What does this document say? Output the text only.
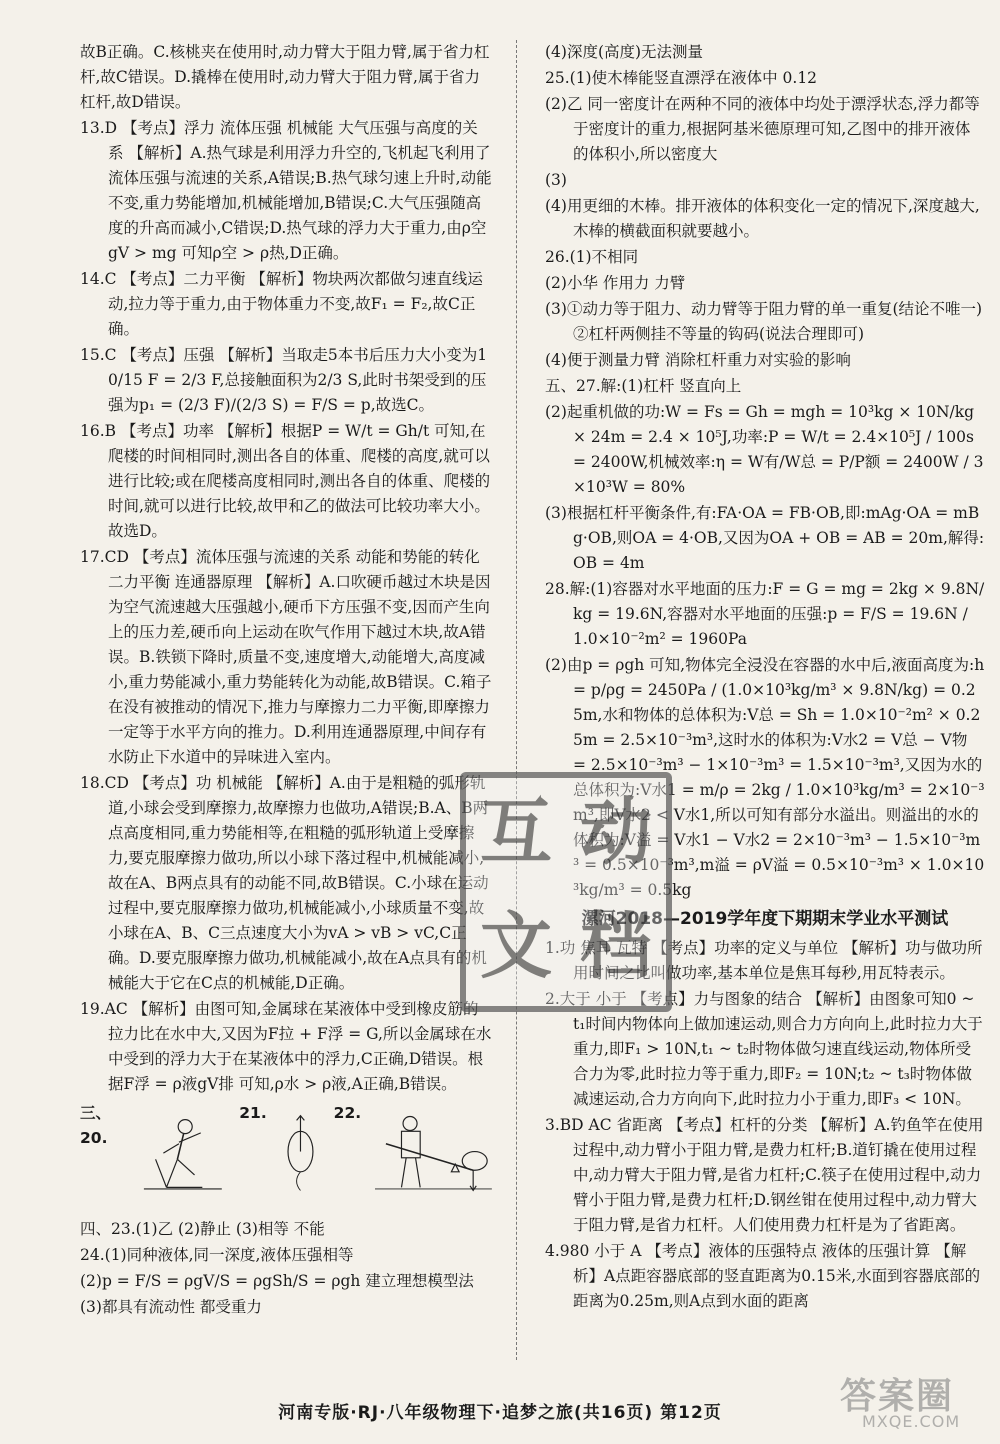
故B正确。C.核桃夹在使用时,动力臂大于阻力臂,属于省力杠杆,故C错误。D.撬棒在使用时,动力臂大于阻力臂,属于省力杠杆,故D错误。

13.D 【考点】浮力 流体压强 机械能 大气压强与高度的关系 【解析】A.热气球是利用浮力升空的,飞机起飞利用了流体压强与流速的关系,A错误;B.热气球匀速上升时,动能不变,重力势能增加,机械能增加,B错误;C.大气压强随高度的升高而减小,C错误;D.热气球的浮力大于重力,由ρ空gV > mg 可知ρ空 > ρ热,D正确。

14.C 【考点】二力平衡 【解析】物块两次都做匀速直线运动,拉力等于重力,由于物体重力不变,故F₁ = F₂,故C正确。

15.C 【考点】压强 【解析】当取走5本书后压力大小变为10/15 F = 2/3 F,总接触面积为2/3 S,此时书架受到的压强为p₁ = (2/3 F)/(2/3 S) = F/S = p,故选C。

16.B 【考点】功率 【解析】根据P = W/t = Gh/t 可知,在爬楼的时间相同时,测出各自的体重、爬楼的高度,就可以进行比较;或在爬楼高度相同时,测出各自的体重、爬楼的时间,就可以进行比较,故甲和乙的做法可比较功率大小。故选D。

17.CD 【考点】流体压强与流速的关系 动能和势能的转化 二力平衡 连通器原理 【解析】A.口吹硬币越过木块是因为空气流速越大压强越小,硬币下方压强不变,因而产生向上的压力差,硬币向上运动在吹气作用下越过木块,故A错误。B.铁锁下降时,质量不变,速度增大,动能增大,高度减小,重力势能减小,重力势能转化为动能,故B错误。C.箱子在没有被推动的情况下,推力与摩擦力二力平衡,即摩擦力一定等于水平方向的推力。D.利用连通器原理,中间存有水防止下水道中的异味进入室内。

18.CD 【考点】功 机械能 【解析】A.由于是粗糙的弧形轨道,小球会受到摩擦力,故摩擦力也做功,A错误;B.A、B两点高度相同,重力势能相等,在粗糙的弧形轨道上受摩擦力,要克服摩擦力做功,所以小球下落过程中,机械能减小,故在A、B两点具有的动能不同,故B错误。C.小球在运动过程中,要克服摩擦力做功,机械能减小,小球质量不变,故小球在A、B、C三点速度大小为vA > vB > vC,C正确。D.要克服摩擦力做功,机械能减小,故在A点具有的机械能大于它在C点的机械能,D正确。

19.AC 【解析】由图可知,金属球在某液体中受到橡皮筋的拉力比在水中大,又因为F拉 + F浮 = G,所以金属球在水中受到的浮力大于在某液体中的浮力,C正确,D错误。根据F浮 = ρ液gV排 可知,ρ水 > ρ液,A正确,B错误。

三、20.
21.	22.

四、23.(1)乙 (2)静止 (3)相等 不能

24.(1)同种液体,同一深度,液体压强相等

(2)p = F/S = ρgV/S = ρgSh/S = ρgh 建立理想模型法

(3)都具有流动性 都受重力

(4)深度(高度)无法测量

25.(1)使木棒能竖直漂浮在液体中 0.12

(2)乙 同一密度计在两种不同的液体中均处于漂浮状态,浮力都等于密度计的重力,根据阿基米德原理可知,乙图中的排开液体的体积小,所以密度大

(3)

(4)用更细的木棒。排开液体的体积变化一定的情况下,深度越大,木棒的横截面积就要越小。

26.(1)不相同

(2)小华 作用力 力臂

(3)①动力等于阻力、动力臂等于阻力臂的单一重复(结论不唯一)②杠杆两侧挂不等量的钩码(说法合理即可)

(4)便于测量力臂 消除杠杆重力对实验的影响

五、27.解:(1)杠杆 竖直向上

(2)起重机做的功:W = Fs = Gh = mgh = 10³kg × 10N/kg × 24m = 2.4 × 10⁵J,功率:P = W/t = 2.4×10⁵J / 100s = 2400W,机械效率:η = W有/W总 = P/P额 = 2400W / 3×10³W = 80%

(3)根据杠杆平衡条件,有:FA·OA = FB·OB,即:mAg·OA = mBg·OB,则OA = 4·OB,又因为OA + OB = AB = 20m,解得:OB = 4m

28.解:(1)容器对水平地面的压力:F = G = mg = 2kg × 9.8N/kg = 19.6N,容器对水平地面的压强:p = F/S = 19.6N / 1.0×10⁻²m² = 1960Pa

(2)由p = ρgh 可知,物体完全浸没在容器的水中后,液面高度为:h = p/ρg = 2450Pa / (1.0×10³kg/m³ × 9.8N/kg) = 0.25m,水和物体的总体积为:V总 = Sh = 1.0×10⁻²m² × 0.25m = 2.5×10⁻³m³,这时水的体积为:V水2 = V总 − V物 = 2.5×10⁻³m³ − 1×10⁻³m³ = 1.5×10⁻³m³,又因为水的总体积为:V水1 = m/ρ = 2kg / 1.0×10³kg/m³ = 2×10⁻³m³,即V水2 < V水1,所以可知有部分水溢出。则溢出的水的体积为:V溢 = V水1 − V水2 = 2×10⁻³m³ − 1.5×10⁻³m³ = 0.5×10⁻³m³,m溢 = ρV溢 = 0.5×10⁻³m³ × 1.0×10³kg/m³ = 0.5kg

漯河2018—2019学年度下期期末学业水平测试

1.功 焦耳 瓦特 【考点】功率的定义与单位 【解析】功与做功所用时间之比叫做功率,基本单位是焦耳每秒,用瓦特表示。

2.大于 小于 【考点】力与图象的结合 【解析】由图象可知0 ~ t₁时间内物体向上做加速运动,则合力方向向上,此时拉力大于重力,即F₁ > 10N,t₁ ~ t₂时物体做匀速直线运动,物体所受合力为零,此时拉力等于重力,即F₂ = 10N;t₂ ~ t₃时物体做减速运动,合力方向向下,此时拉力小于重力,即F₃ < 10N。

3.BD AC 省距离 【考点】杠杆的分类 【解析】A.钓鱼竿在使用过程中,动力臂小于阻力臂,是费力杠杆;B.道钉撬在使用过程中,动力臂大于阻力臂,是省力杠杆;C.筷子在使用过程中,动力臂小于阻力臂,是费力杠杆;D.钢丝钳在使用过程中,动力臂大于阻力臂,是省力杠杆。人们使用费力杠杆是为了省距离。

4.980 小于 A 【考点】液体的压强特点 液体的压强计算 【解析】A点距容器底部的竖直距离为0.15米,水面到容器底部的距离为0.25m,则A点到水面的距离

互 动
文 档
河南专版·RJ·八年级物理下·追梦之旅(共16页) 第12页	答案圈
MXQE.COM
